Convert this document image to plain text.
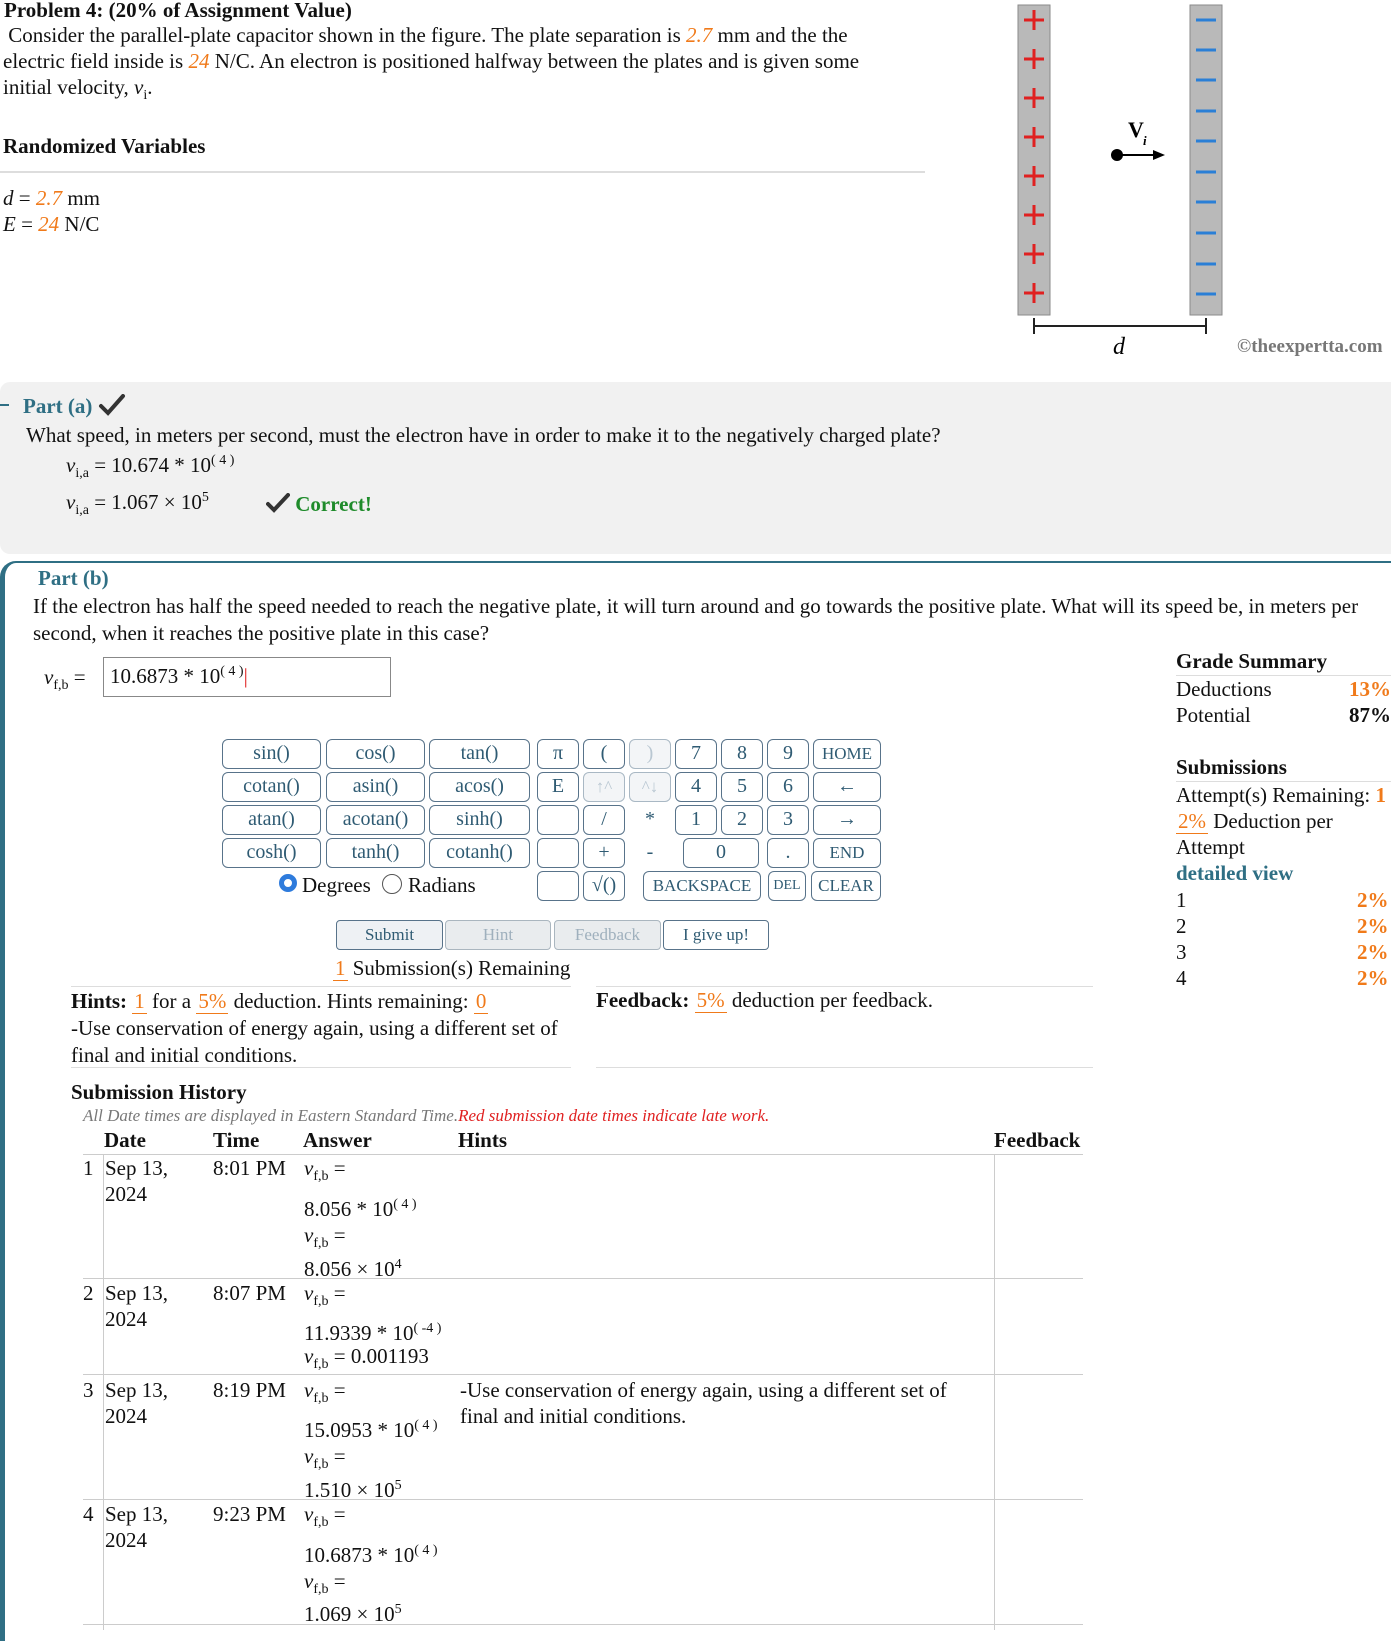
Problem 4: (20% of Assignment Value)
Consider the parallel-plate capacitor shown in the figure. The plate separation is 2.7 mm and the the electric field inside is 24 N/C. An electron is positioned halfway between the plates and is given some initial velocity, $v_i$.
Randomized Variables
d = 2.7 mm
E = 24 N/C
V i
d	©theexpertta.com
Part (a)
What speed, in meters per second, must the electron have in order to make it to the negatively charged plate?
$v_{i,a} = 10.674 * 10^{( 4 )}$
$v_{i,a} = 1.067 \times 10^5$	Correct!
Part (b)
If the electron has half the speed needed to reach the negative plate, it will turn around and go towards the positive plate. What will its speed be, in meters per second, when it reaches the positive plate in this case?
$v_{f,b}$ =	$10.6873 * 10^{( 4 )}|$
sin()	cos()	tan()
cotan()	asin()	acos()
atan()	acotan()	sinh()
cosh()	tanh()	cotanh()
π	(	)
E	↑^	^↓
/	*
+	-
√()
7	8	9
4	5	6
1	2	3
0	.
HOME
←
→
END
BACKSPACE	DEL	CLEAR
Degrees Radians
Submit	Hint	Feedback	I give up!
1 Submission(s) Remaining
Hints: 1 for a 5% deduction. Hints remaining: 0
-Use conservation of energy again, using a different set of final and initial conditions.
Feedback: 5% deduction per feedback.
Submission History
All Date times are displayed in Eastern Standard Time.Red submission date times indicate late work.
Date	Time Answer	Hints	Feedback
1 Sep 13, 2024
8:01 PM $v_{f,b}$ =
$8.056 * 10^{( 4 )}$
$v_{f,b}$ =
$8.056 \times 10^4$
2 Sep 13, 2024
8:07 PM $v_{f,b}$ =
$11.9339 * 10^{( -4 )}$
$v_{f,b} = 0.001193$
3 Sep 13, 2024
8:19 PM $v_{f,b}$ =
$15.0953 * 10^{( 4 )}$
$v_{f,b}$ =
$1.510 \times 10^5$
-Use conservation of energy again, using a different set of final and initial conditions.
4 Sep 13, 2024
9:23 PM $v_{f,b}$ =
$10.6873 * 10^{( 4 )}$
$v_{f,b}$ =
$1.069 \times 10^5$
Grade Summary
Deductions	13%
Potential	87%
Submissions
Attempt(s) Remaining: 1
2% Deduction per
Attempt
detailed view
1	2%
2	2%
3	2%
4	2%
